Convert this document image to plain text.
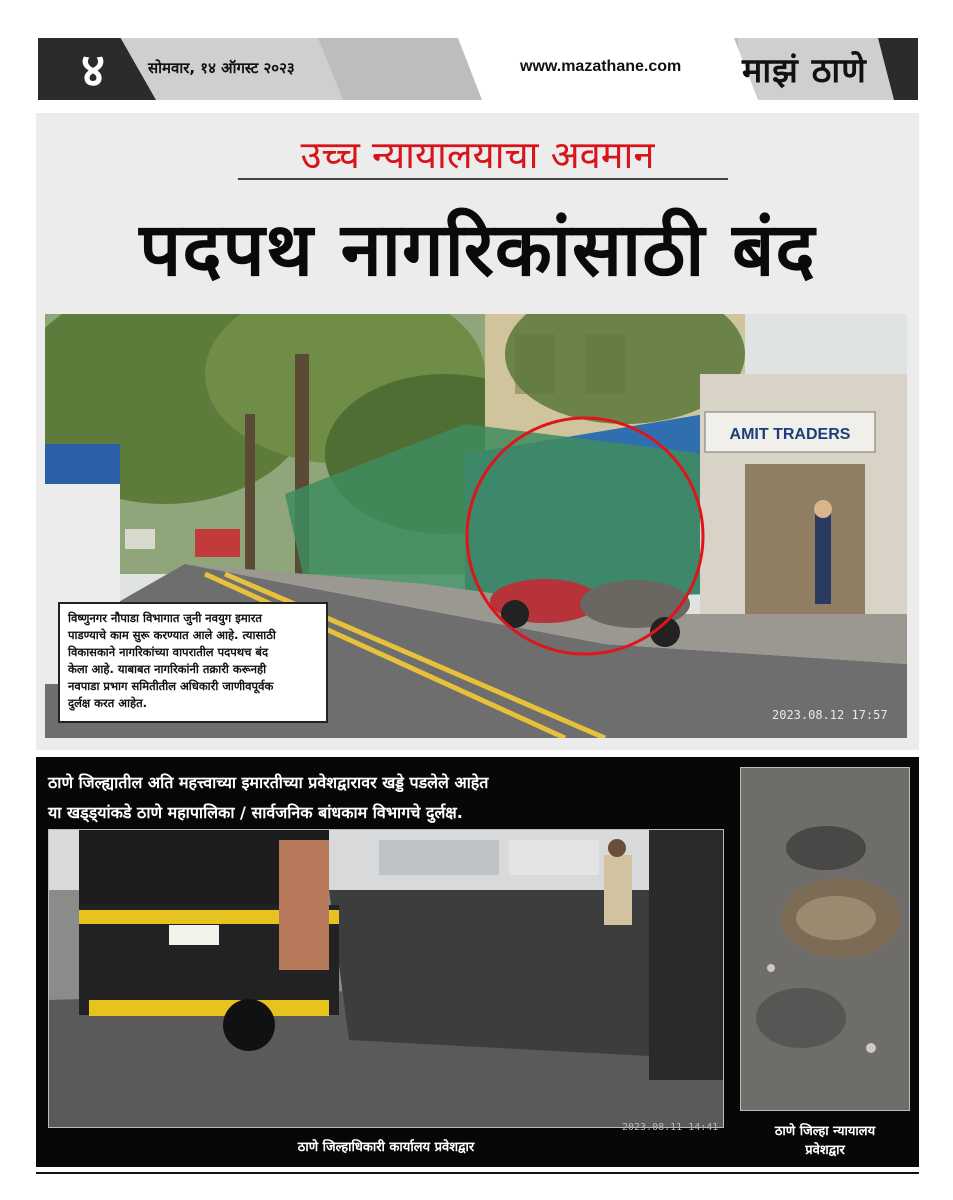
४	सोमवार, १४ ऑगस्ट २०२३	www.mazathane.com माझं ठाणे
उच्च न्यायालयाचा अवमान
पदपथ नागरिकांसाठी बंद
AMIT TRADERS
विष्णुनगर नौपाडा विभागात जुनी नवयुग इमारत
पाडण्याचे काम सुरू करण्यात आले आहे. त्यासाठी
विकासकाने नागरिकांच्या वापरातील पदपथच बंद
केला आहे. याबाबत नागरिकांनी तक्रारी करूनही
नवपाडा प्रभाग समितीतील अधिकारी जाणीवपूर्वक
दुर्लक्ष करत आहेत.
2023.08.12 17:57
ठाणे जिल्ह्यातील अति महत्त्वाच्या इमारतीच्या प्रवेशद्वारावर खड्डे पडलेले आहेत
या खड्ड्यांकडे ठाणे महापालिका / सार्वजनिक बांधकाम विभागचे दुर्लक्ष.
2023.08.11 14:41
ठाणे जिल्हाधिकारी कार्यालय प्रवेशद्वार
ठाणे जिल्हा न्यायालय
प्रवेशद्वार
